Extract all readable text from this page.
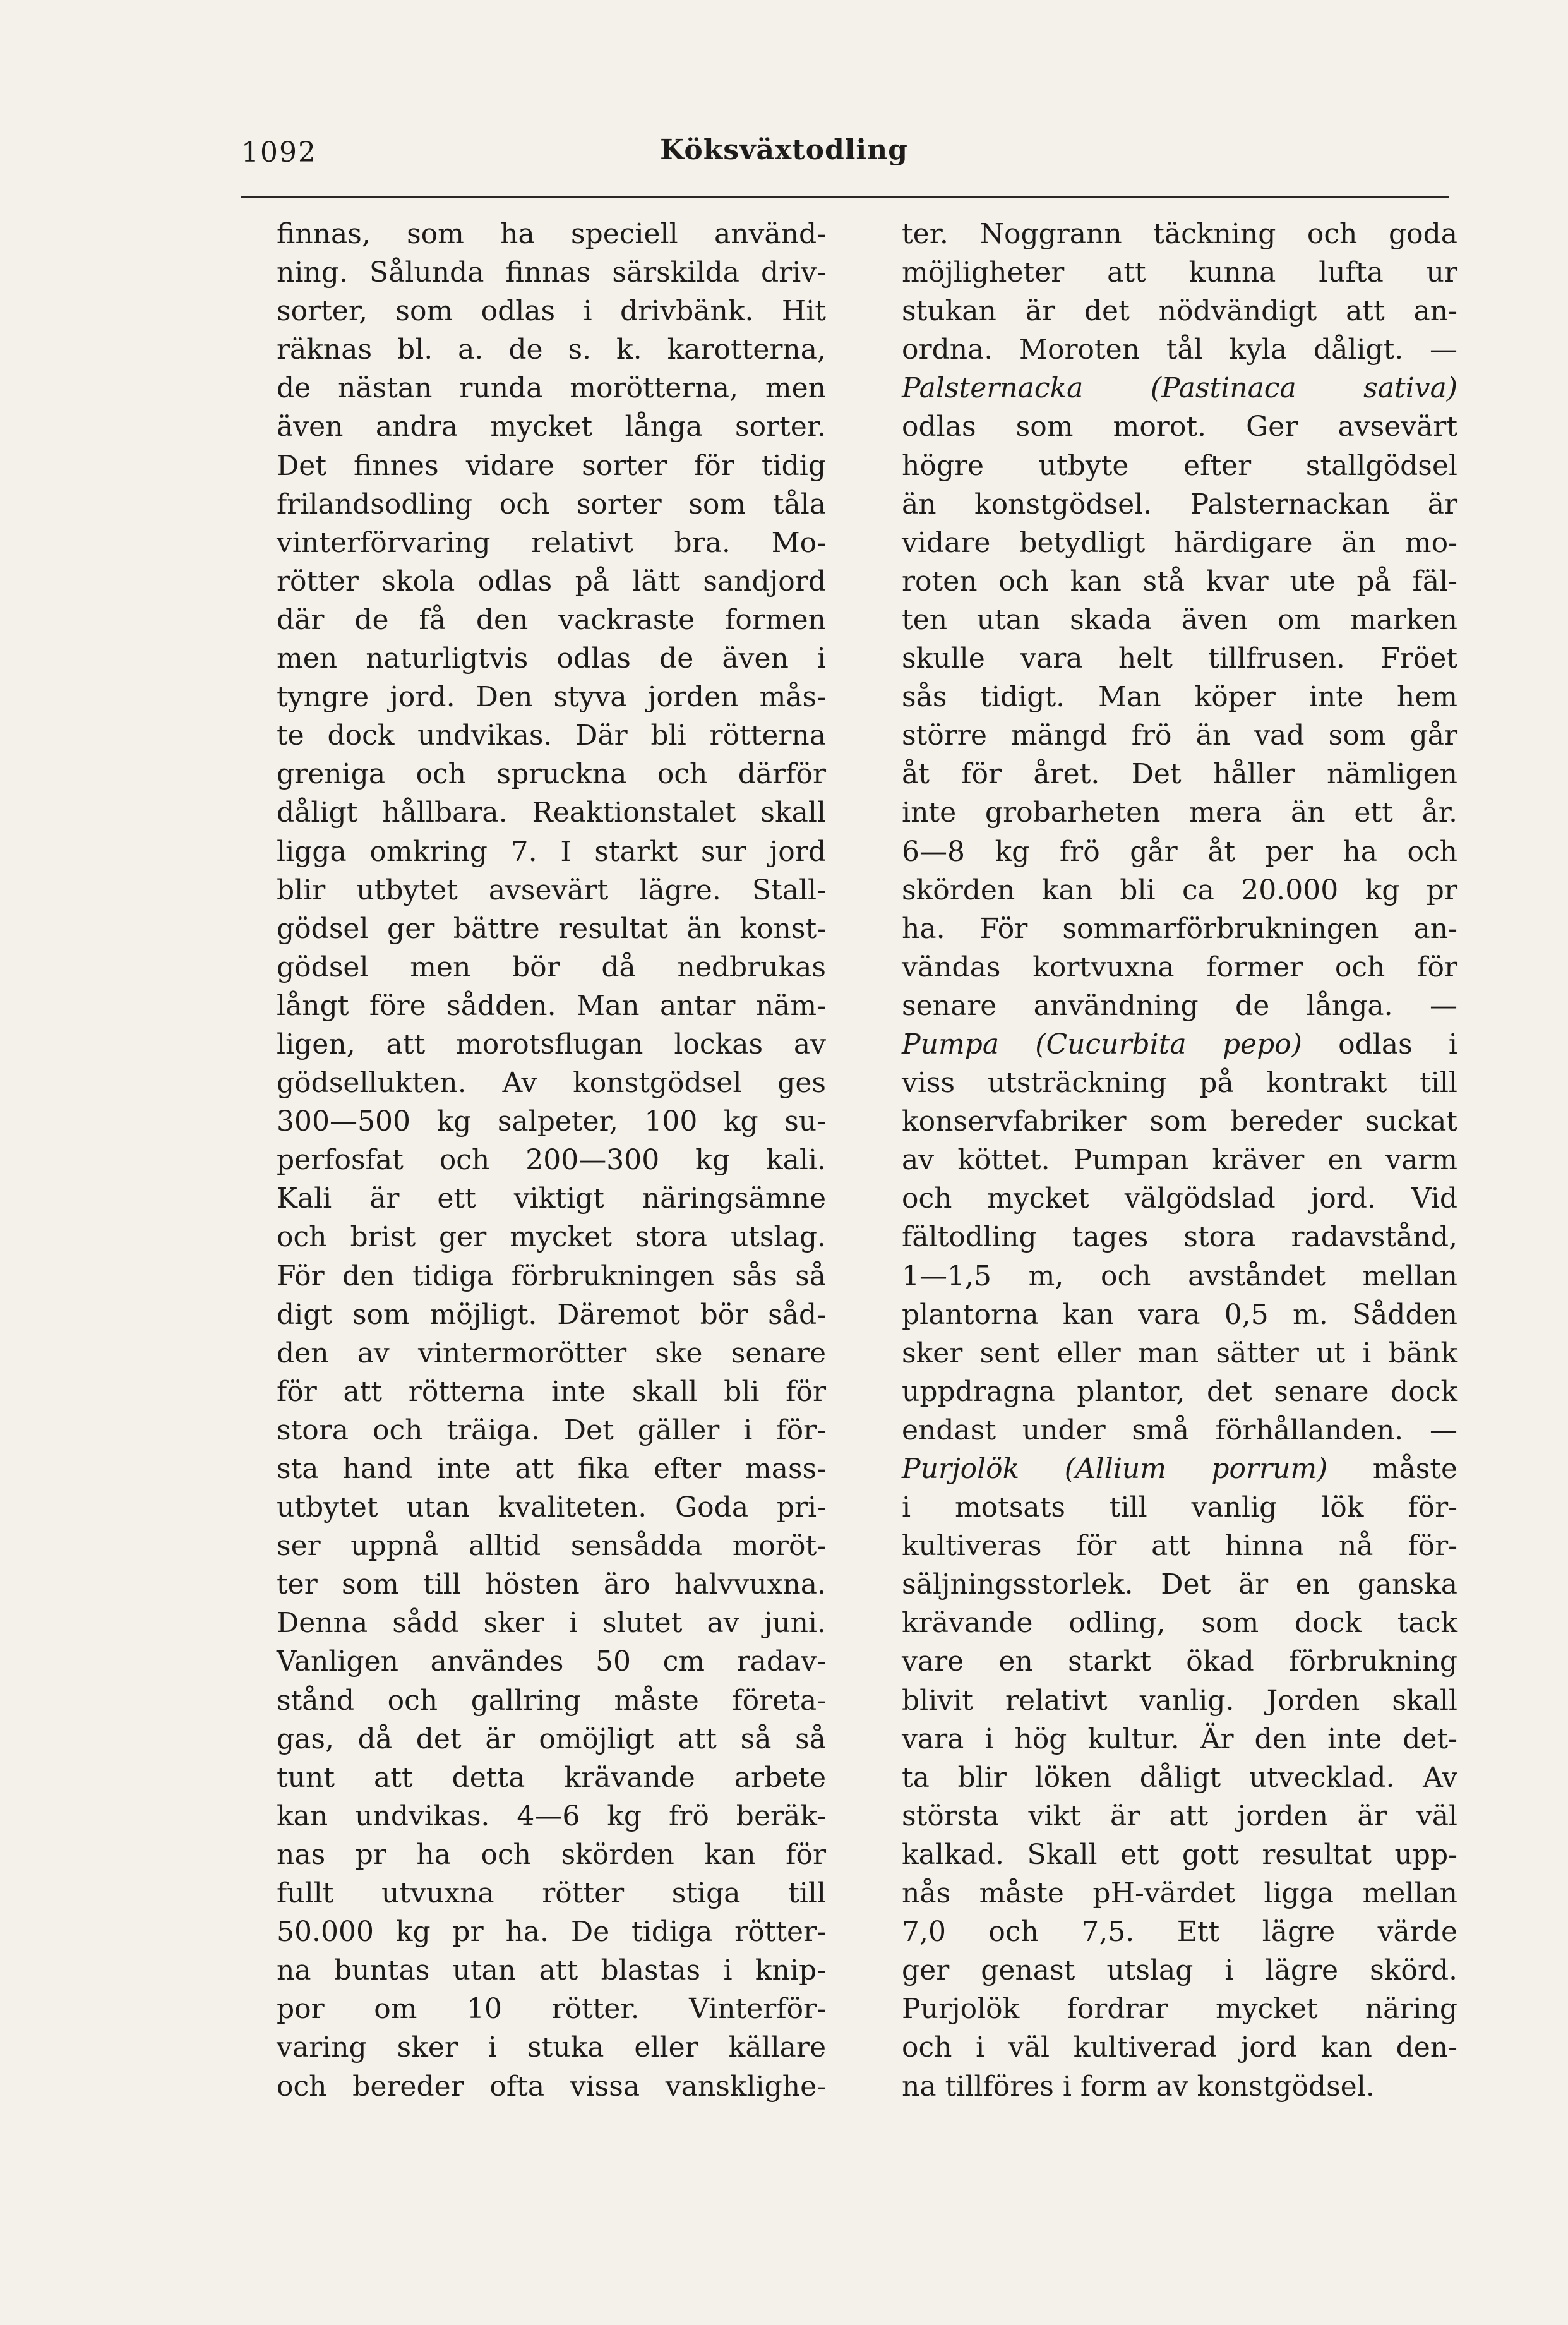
1092	Köksväxtodling
finnas, som ha speciell använd-
ning. Sålunda finnas särskilda driv-
sorter, som odlas i drivbänk. Hit
räknas bl. a. de s. k. karotterna,
de nästan runda morötterna, men
även andra mycket långa sorter.
Det finnes vidare sorter för tidig
frilandsodling och sorter som tåla
vinterförvaring relativt bra. Mo-
rötter skola odlas på lätt sandjord
där de få den vackraste formen
men naturligtvis odlas de även i
tyngre jord. Den styva jorden mås-
te dock undvikas. Där bli rötterna
greniga och spruckna och därför
dåligt hållbara. Reaktionstalet skall
ligga omkring 7. I starkt sur jord
blir utbytet avsevärt lägre. Stall-
gödsel ger bättre resultat än konst-
gödsel men bör då nedbrukas
långt före sådden. Man antar näm-
ligen, att morotsflugan lockas av
gödsellukten. Av konstgödsel ges
300—500 kg salpeter, 100 kg su-
perfosfat och 200—300 kg kali.
Kali är ett viktigt näringsämne
och brist ger mycket stora utslag.
För den tidiga förbrukningen sås så
digt som möjligt. Däremot bör såd-
den av vintermorötter ske senare
för att rötterna inte skall bli för
stora och träiga. Det gäller i för-
sta hand inte att fika efter mass-
utbytet utan kvaliteten. Goda pri-
ser uppnå alltid sensådda moröt-
ter som till hösten äro halvvuxna.
Denna sådd sker i slutet av juni.
Vanligen användes 50 cm radav-
stånd och gallring måste företa-
gas, då det är omöjligt att så så
tunt att detta krävande arbete
kan undvikas. 4—6 kg frö beräk-
nas pr ha och skörden kan för
fullt utvuxna rötter stiga till
50.000 kg pr ha. De tidiga rötter-
na buntas utan att blastas i knip-
por om 10 rötter. Vinterför-
varing sker i stuka eller källare
och bereder ofta vissa vansklighe-
ter. Noggrann täckning och goda
möjligheter att kunna lufta ur
stukan är det nödvändigt att an-
ordna. Moroten tål kyla dåligt. —
Palsternacka (Pastinaca sativa)
odlas som morot. Ger avsevärt
högre utbyte efter stallgödsel
än konstgödsel. Palsternackan är
vidare betydligt härdigare än mo-
roten och kan stå kvar ute på fäl-
ten utan skada även om marken
skulle vara helt tillfrusen. Fröet
sås tidigt. Man köper inte hem
större mängd frö än vad som går
åt för året. Det håller nämligen
inte grobarheten mera än ett år.
6—8 kg frö går åt per ha och
skörden kan bli ca 20.000 kg pr
ha. För sommarförbrukningen an-
vändas kortvuxna former och för
senare användning de långa. —
Pumpa (Cucurbita pepo) odlas i
viss utsträckning på kontrakt till
konservfabriker som bereder suckat
av köttet. Pumpan kräver en varm
och mycket välgödslad jord. Vid
fältodling tages stora radavstånd,
1—1,5 m, och avståndet mellan
plantorna kan vara 0,5 m. Sådden
sker sent eller man sätter ut i bänk
uppdragna plantor, det senare dock
endast under små förhållanden. —
Purjolök (Allium porrum) måste
i motsats till vanlig lök för-
kultiveras för att hinna nå för-
säljningsstorlek. Det är en ganska
krävande odling, som dock tack
vare en starkt ökad förbrukning
blivit relativt vanlig. Jorden skall
vara i hög kultur. Är den inte det-
ta blir löken dåligt utvecklad. Av
största vikt är att jorden är väl
kalkad. Skall ett gott resultat upp-
nås måste pH-värdet ligga mellan
7,0 och 7,5. Ett lägre värde
ger genast utslag i lägre skörd.
Purjolök fordrar mycket näring
och i väl kultiverad jord kan den-
na tillföres i form av konstgödsel.
